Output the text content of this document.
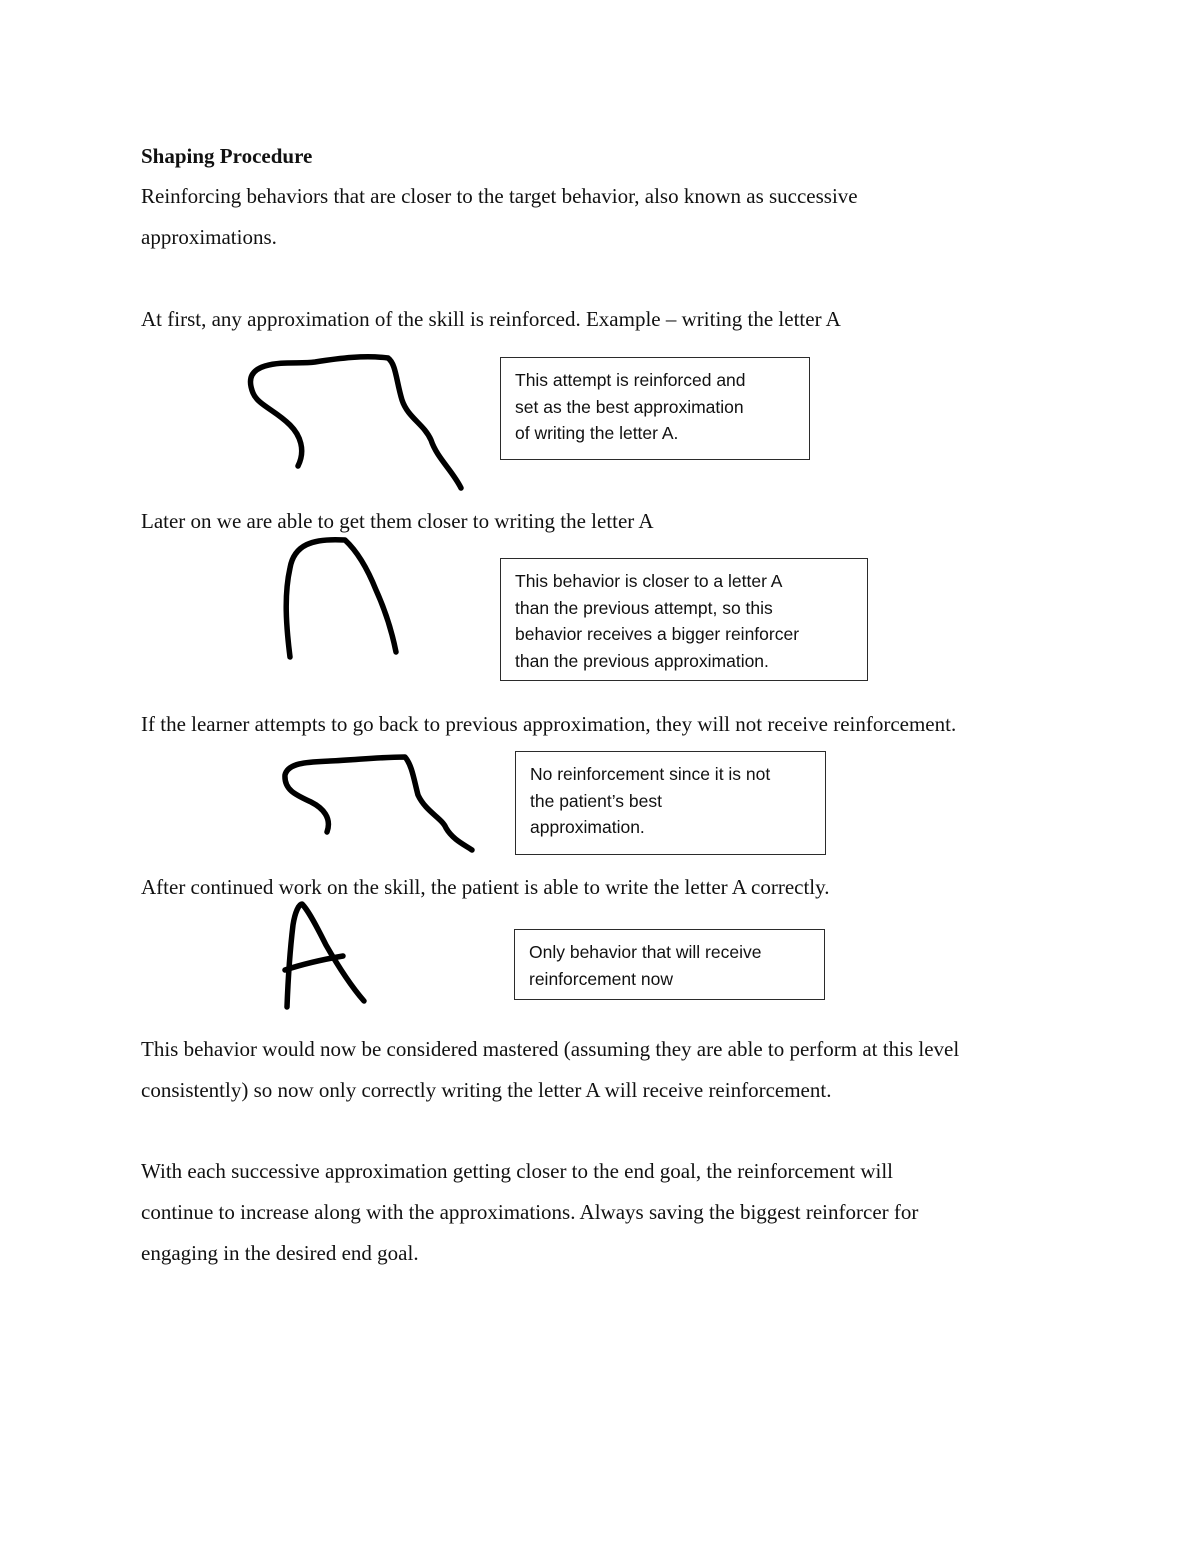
Shaping Procedure
Reinforcing behaviors that are closer to the target behavior, also known as successive
approximations.
At first, any approximation of the skill is reinforced. Example – writing the letter A
This attempt is reinforced and
set as the best approximation
of writing the letter A.
Later on we are able to get them closer to writing the letter A
This behavior is closer to a letter A
than the previous attempt, so this
behavior receives a bigger reinforcer
than the previous approximation.
If the learner attempts to go back to previous approximation, they will not receive reinforcement.
No reinforcement since it is not
the patient’s best
approximation.
After continued work on the skill, the patient is able to write the letter A correctly.
Only behavior that will receive
reinforcement now
This behavior would now be considered mastered (assuming they are able to perform at this level
consistently) so now only correctly writing the letter A will receive reinforcement.
With each successive approximation getting closer to the end goal, the reinforcement will
continue to increase along with the approximations. Always saving the biggest reinforcer for
engaging in the desired end goal.
